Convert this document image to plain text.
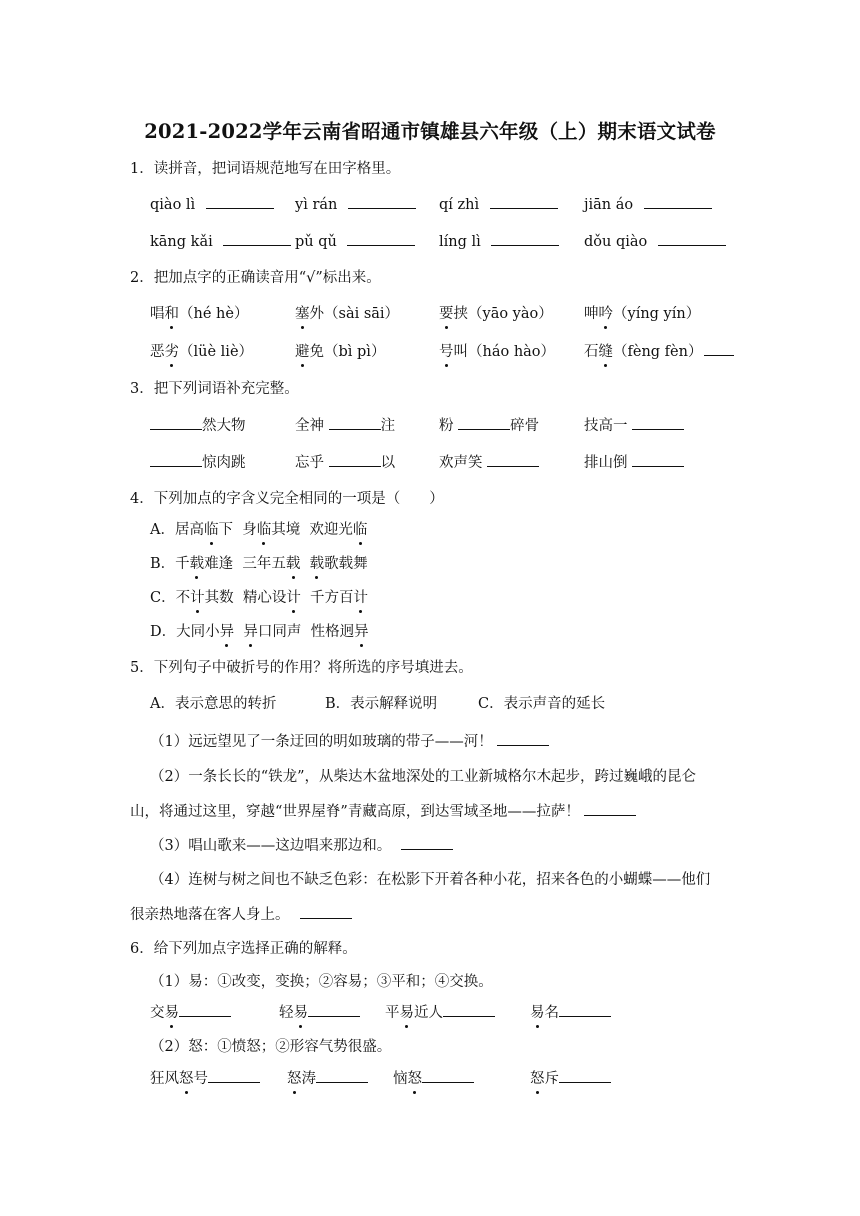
2021-2022学年云南省昭通市镇雄县六年级（上）期末语文试卷
1．读拼音，把词语规范地写在田字格里。
qiào lì	yì rán	qí zhì	jiān áo
kāng kǎi	pǔ qǔ	líng lì	dǒu qiào
2．把加点字的正确读音用“√”标出来。
唱和（hé hè）	塞外（sài sāi）	要挟（yāo yào） 呻吟（yíng yín）
恶劣（lüè liè）	避免（bì pì）	号叫（háo hào） 石缝（fèng fèn）
3．把下列词语补充完整。
然大物	全神	注	粉	碎骨	技高一
惊肉跳	忘乎	以	欢声笑	排山倒
4．下列加点的字含义完全相同的一项是（　　）
A．居高临下 身临其境 欢迎光临
B．千载难逢 三年五载 载歌载舞
C．不计其数 精心设计 千方百计
D．大同小异 异口同声 性格迥异
5．下列句子中破折号的作用？将所选的序号填进去。
A．表示意思的转折	B．表示解释说明	C．表示声音的延长
（1）远远望见了一条迂回的明如玻璃的带子——河！
（2）一条长长的“铁龙”，从柴达木盆地深处的工业新城格尔木起步，跨过巍峨的昆仑
山，将通过这里，穿越“世界屋脊”青藏高原，到达雪域圣地——拉萨！
（3）唱山歌来——这边唱来那边和。
（4）连树与树之间也不缺乏色彩：在松影下开着各种小花，招来各色的小蝴蝶——他们
很亲热地落在客人身上。
6．给下列加点字选择正确的解释。
（1）易：①改变，变换；②容易；③平和；④交换。
交易	轻易	平易近人	易名
（2）怒：①愤怒；②形容气势很盛。
狂风怒号	怒涛	恼怒	怒斥
